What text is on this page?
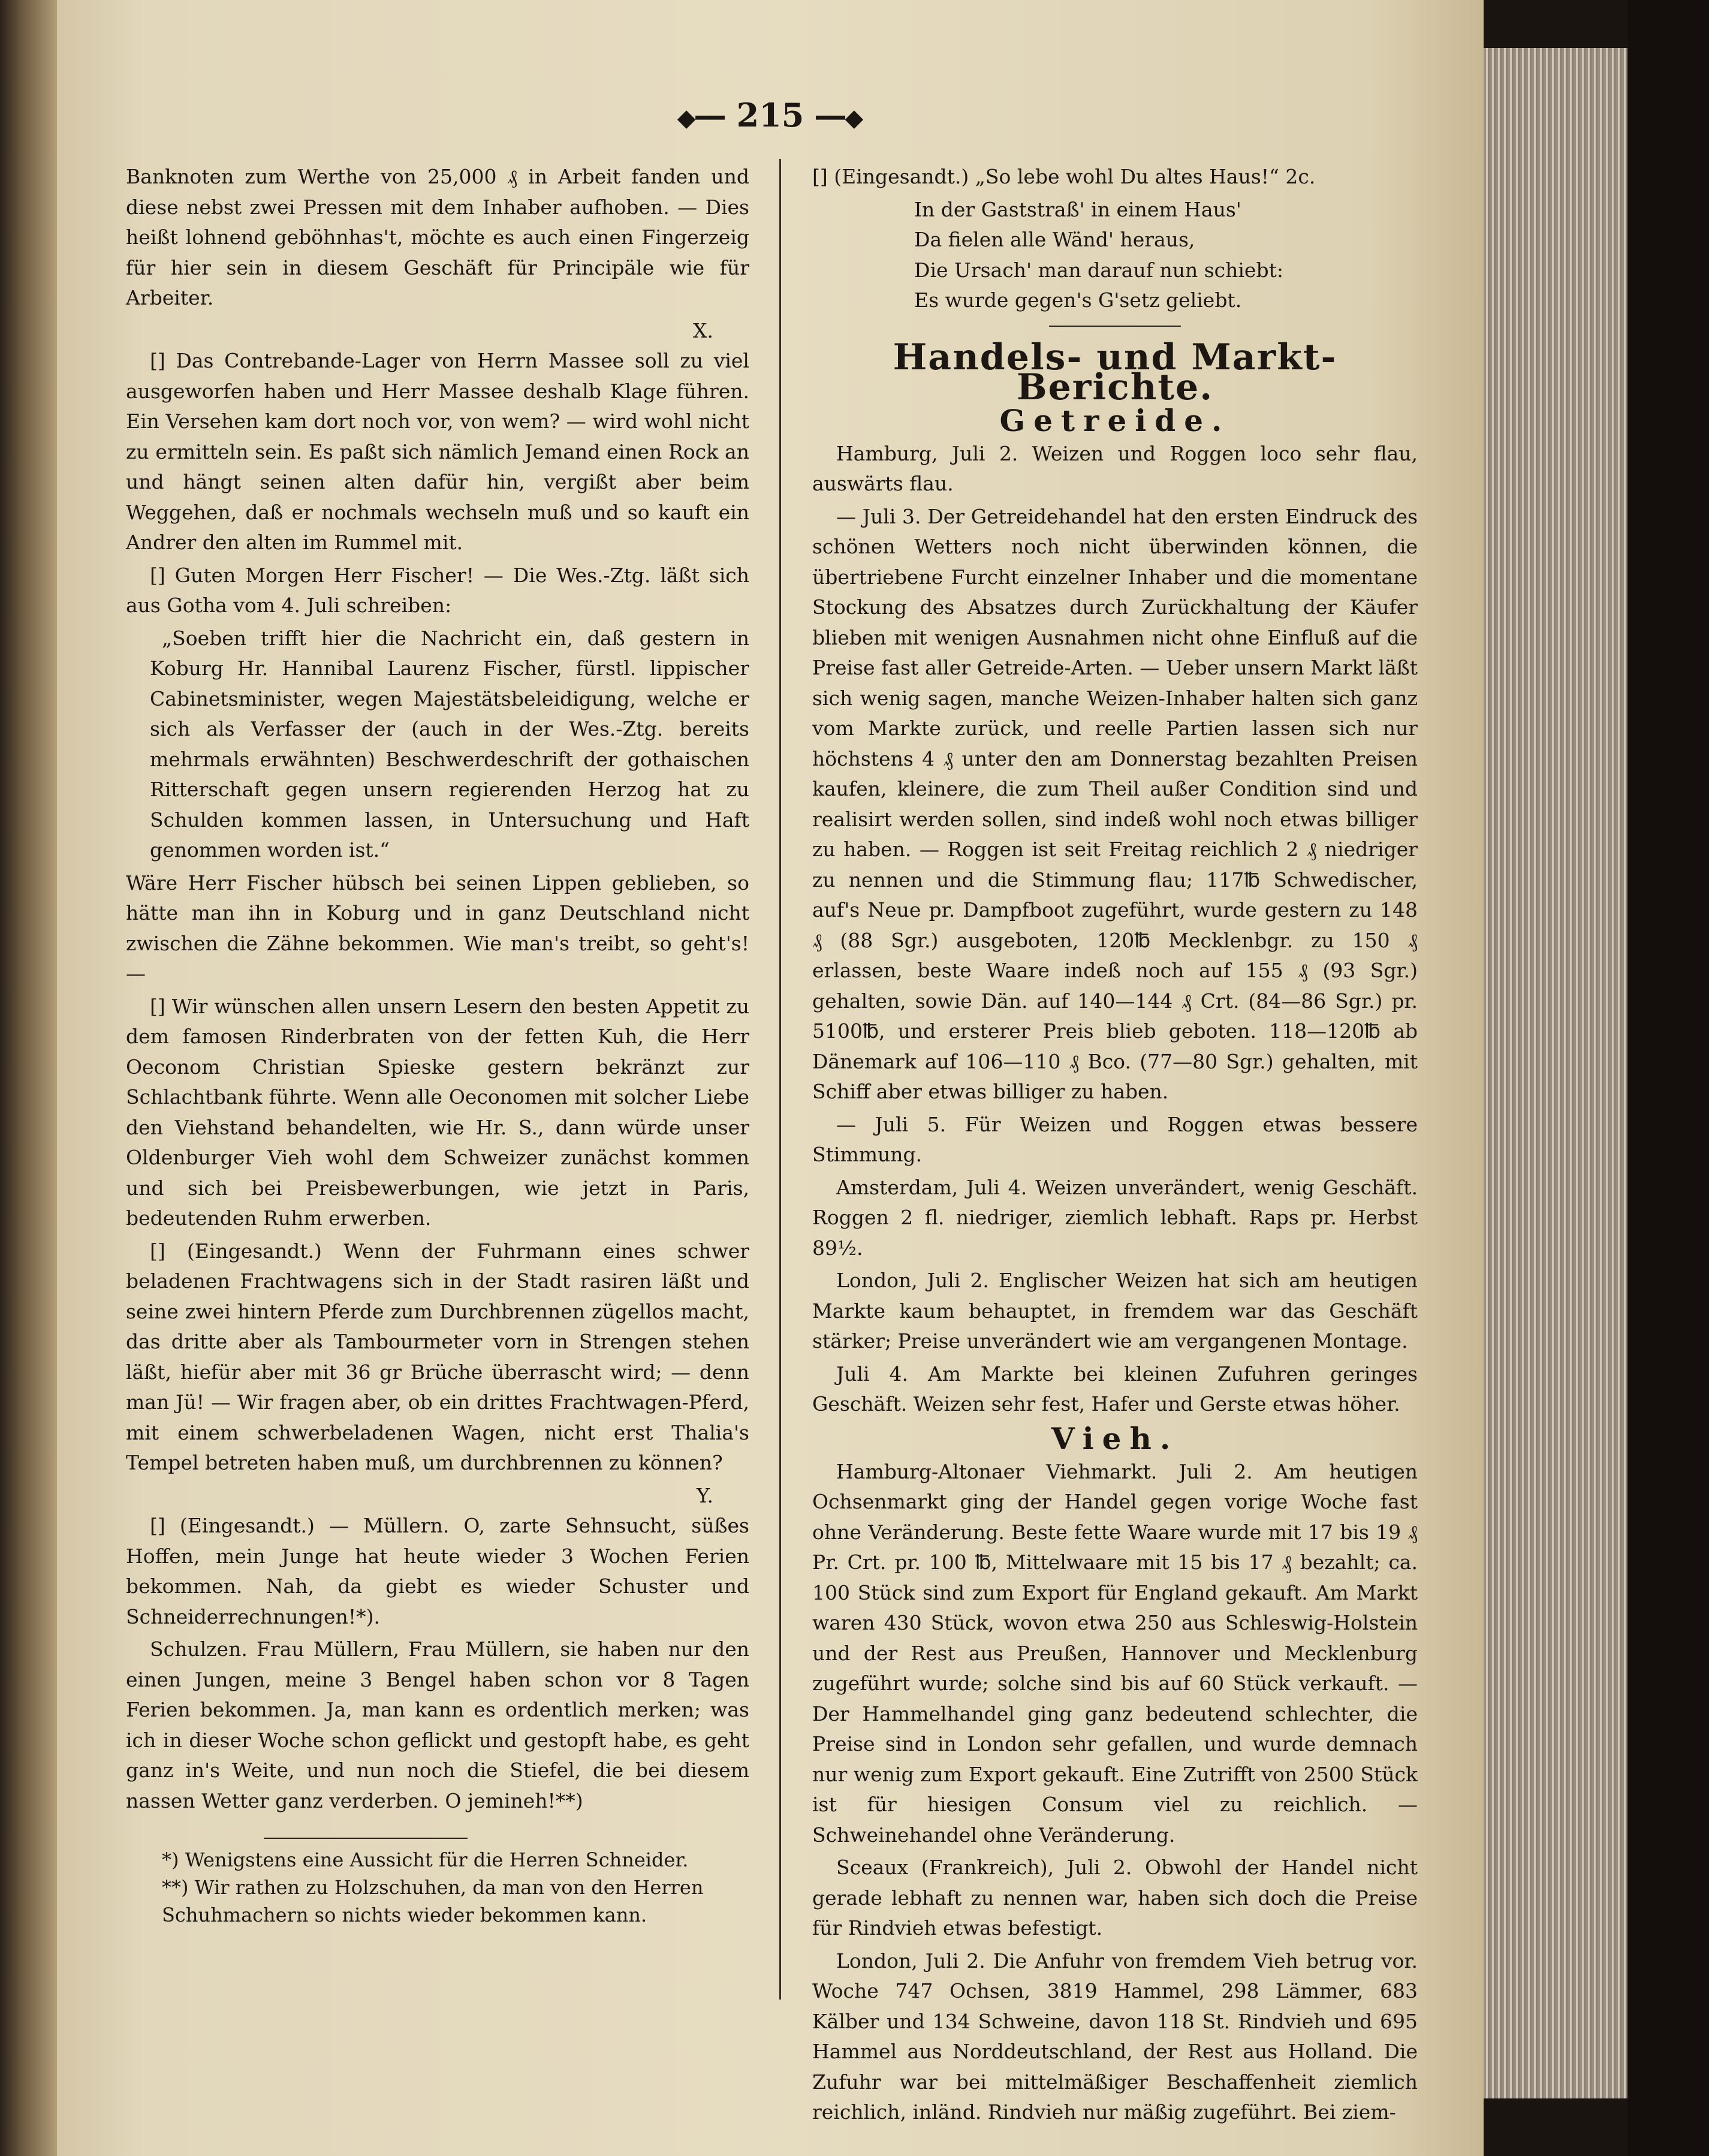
◆━━ 215 ━━◆

Banknoten zum Werthe von 25,000 ₰ in Arbeit fanden und diese nebst zwei Pressen mit dem Inhaber aufhoben. — Dies heißt lohnend geböhnhas't, möchte es auch einen Fingerzeig für hier sein in diesem Geschäft für Principäle wie für Arbeiter.

X.

[] Das Contrebande-Lager von Herrn Massee soll zu viel ausgeworfen haben und Herr Massee deshalb Klage führen. Ein Versehen kam dort noch vor, von wem? — wird wohl nicht zu ermitteln sein. Es paßt sich nämlich Jemand einen Rock an und hängt seinen alten dafür hin, vergißt aber beim Weggehen, daß er nochmals wechseln muß und so kauft ein Andrer den alten im Rummel mit.

[] Guten Morgen Herr Fischer! — Die Wes.-Ztg. läßt sich aus Gotha vom 4. Juli schreiben:

„Soeben trifft hier die Nachricht ein, daß gestern in Koburg Hr. Hannibal Laurenz Fischer, fürstl. lippischer Cabinetsminister, wegen Majestätsbeleidigung, welche er sich als Verfasser der (auch in der Wes.-Ztg. bereits mehrmals erwähnten) Beschwerdeschrift der gothaischen Ritterschaft gegen unsern regierenden Herzog hat zu Schulden kommen lassen, in Untersuchung und Haft genommen worden ist.“

Wäre Herr Fischer hübsch bei seinen Lippen geblieben, so hätte man ihn in Koburg und in ganz Deutschland nicht zwischen die Zähne bekommen. Wie man's treibt, so geht's! —

[] Wir wünschen allen unsern Lesern den besten Appetit zu dem famosen Rinderbraten von der fetten Kuh, die Herr Oeconom Christian Spieske gestern bekränzt zur Schlachtbank führte. Wenn alle Oeconomen mit solcher Liebe den Viehstand behandelten, wie Hr. S., dann würde unser Oldenburger Vieh wohl dem Schweizer zunächst kommen und sich bei Preisbewerbungen, wie jetzt in Paris, bedeutenden Ruhm erwerben.

[] (Eingesandt.) Wenn der Fuhrmann eines schwer beladenen Frachtwagens sich in der Stadt rasiren läßt und seine zwei hintern Pferde zum Durchbrennen zügellos macht, das dritte aber als Tambourmeter vorn in Strengen stehen läßt, hiefür aber mit 36 gr Brüche überrascht wird; — denn man Jü! — Wir fragen aber, ob ein drittes Frachtwagen-Pferd, mit einem schwerbeladenen Wagen, nicht erst Thalia's Tempel betreten haben muß, um durchbrennen zu können?

Y.

[] (Eingesandt.) — Müllern. O, zarte Sehnsucht, süßes Hoffen, mein Junge hat heute wieder 3 Wochen Ferien bekommen. Nah, da giebt es wieder Schuster und Schneiderrechnungen!*).

Schulzen. Frau Müllern, Frau Müllern, sie haben nur den einen Jungen, meine 3 Bengel haben schon vor 8 Tagen Ferien bekommen. Ja, man kann es ordentlich merken; was ich in dieser Woche schon geflickt und gestopft habe, es geht ganz in's Weite, und nun noch die Stiefel, die bei diesem nassen Wetter ganz verderben. O jemineh!**)

*) Wenigstens eine Aussicht für die Herren Schneider.
**) Wir rathen zu Holzschuhen, da man von den Herren Schuhmachern so nichts wieder bekommen kann.

[] (Eingesandt.) „So lebe wohl Du altes Haus!“ 2c.

In der Gaststraß' in einem Haus'
Da fielen alle Wänd' heraus,
Die Ursach' man darauf nun schiebt:
Es wurde gegen's G'setz geliebt.
Handels- und Markt-Berichte.
Getreide.

Hamburg, Juli 2. Weizen und Roggen loco sehr flau, auswärts flau.

— Juli 3. Der Getreidehandel hat den ersten Eindruck des schönen Wetters noch nicht überwinden können, die übertriebene Furcht einzelner Inhaber und die momentane Stockung des Absatzes durch Zurückhaltung der Käufer blieben mit wenigen Ausnahmen nicht ohne Einfluß auf die Preise fast aller Getreide-Arten. — Ueber unsern Markt läßt sich wenig sagen, manche Weizen-Inhaber halten sich ganz vom Markte zurück, und reelle Partien lassen sich nur höchstens 4 ₰ unter den am Donnerstag bezahlten Preisen kaufen, kleinere, die zum Theil außer Condition sind und realisirt werden sollen, sind indeß wohl noch etwas billiger zu haben. — Roggen ist seit Freitag reichlich 2 ₰ niedriger zu nennen und die Stimmung flau; 117℔ Schwedischer, auf's Neue pr. Dampfboot zugeführt, wurde gestern zu 148 ₰ (88 Sgr.) ausgeboten, 120℔ Mecklenbgr. zu 150 ₰ erlassen, beste Waare indeß noch auf 155 ₰ (93 Sgr.) gehalten, sowie Dän. auf 140—144 ₰ Crt. (84—86 Sgr.) pr. 5100℔, und ersterer Preis blieb geboten. 118—120℔ ab Dänemark auf 106—110 ₰ Bco. (77—80 Sgr.) gehalten, mit Schiff aber etwas billiger zu haben.

— Juli 5. Für Weizen und Roggen etwas bessere Stimmung.

Amsterdam, Juli 4. Weizen unverändert, wenig Geschäft. Roggen 2 fl. niedriger, ziemlich lebhaft. Raps pr. Herbst 89½.

London, Juli 2. Englischer Weizen hat sich am heutigen Markte kaum behauptet, in fremdem war das Geschäft stärker; Preise unverändert wie am vergangenen Montage.

Juli 4. Am Markte bei kleinen Zufuhren geringes Geschäft. Weizen sehr fest, Hafer und Gerste etwas höher.

Vieh.

Hamburg-Altonaer Viehmarkt. Juli 2. Am heutigen Ochsenmarkt ging der Handel gegen vorige Woche fast ohne Veränderung. Beste fette Waare wurde mit 17 bis 19 ₰ Pr. Crt. pr. 100 ℔, Mittelwaare mit 15 bis 17 ₰ bezahlt; ca. 100 Stück sind zum Export für England gekauft. Am Markt waren 430 Stück, wovon etwa 250 aus Schleswig-Holstein und der Rest aus Preußen, Hannover und Mecklenburg zugeführt wurde; solche sind bis auf 60 Stück verkauft. — Der Hammelhandel ging ganz bedeutend schlechter, die Preise sind in London sehr gefallen, und wurde demnach nur wenig zum Export gekauft. Eine Zutrifft von 2500 Stück ist für hiesigen Consum viel zu reichlich. — Schweinehandel ohne Veränderung.

Sceaux (Frankreich), Juli 2. Obwohl der Handel nicht gerade lebhaft zu nennen war, haben sich doch die Preise für Rindvieh etwas befestigt.

London, Juli 2. Die Anfuhr von fremdem Vieh betrug vor. Woche 747 Ochsen, 3819 Hammel, 298 Lämmer, 683 Kälber und 134 Schweine, davon 118 St. Rindvieh und 695 Hammel aus Norddeutschland, der Rest aus Holland. Die Zufuhr war bei mittelmäßiger Beschaffenheit ziemlich reichlich, inländ. Rindvieh nur mäßig zugeführt. Bei ziem-
